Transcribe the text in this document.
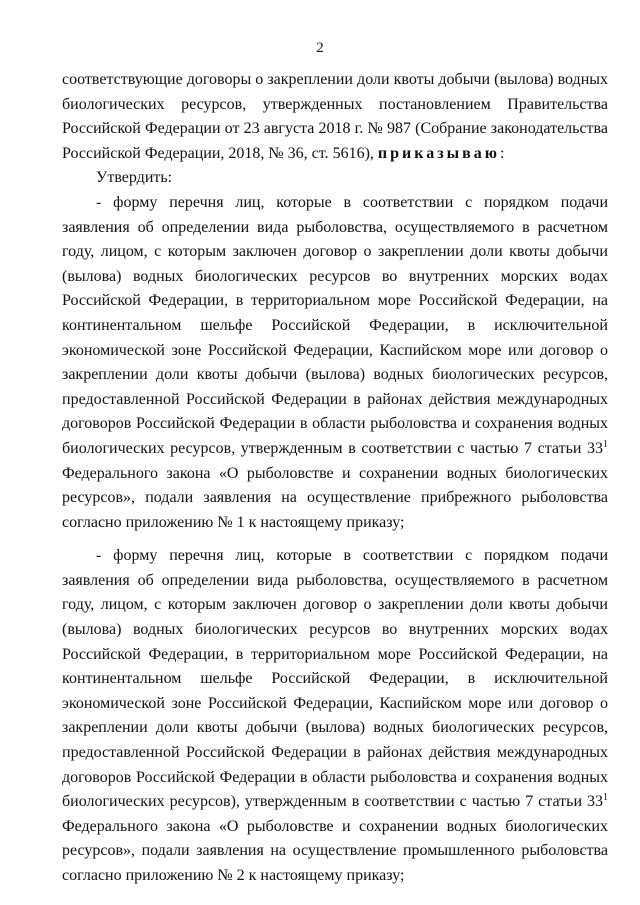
2

соответствующие договоры о закреплении доли квоты добычи (вылова) водных биологических ресурсов, утвержденных постановлением Правительства Российской Федерации от 23 августа 2018 г. № 987 (Собрание законодательства Российской Федерации, 2018, № 36, ст. 5616), приказываю:

Утвердить:

- форму перечня лиц, которые в соответствии с порядком подачи заявления об определении вида рыболовства, осуществляемого в расчетном году, лицом, с которым заключен договор о закреплении доли квоты добычи (вылова) водных биологических ресурсов во внутренних морских водах Российской Федерации, в территориальном море Российской Федерации, на континентальном шельфе Российской Федерации, в исключительной экономической зоне Российской Федерации, Каспийском море или договор о закреплении доли квоты добычи (вылова) водных биологических ресурсов, предоставленной Российской Федерации в районах действия международных договоров Российской Федерации в области рыболовства и сохранения водных биологических ресурсов, утвержденным в соответствии с частью 7 статьи $33^1$ Федерального закона «О рыболовстве и сохранении водных биологических ресурсов», подали заявления на осуществление прибрежного рыболовства согласно приложению № 1 к настоящему приказу;

- форму перечня лиц, которые в соответствии с порядком подачи заявления об определении вида рыболовства, осуществляемого в расчетном году, лицом, с которым заключен договор о закреплении доли квоты добычи (вылова) водных биологических ресурсов во внутренних морских водах Российской Федерации, в территориальном море Российской Федерации, на континентальном шельфе Российской Федерации, в исключительной экономической зоне Российской Федерации, Каспийском море или договор о закреплении доли квоты добычи (вылова) водных биологических ресурсов, предоставленной Российской Федерации в районах действия международных договоров Российской Федерации в области рыболовства и сохранения водных биологических ресурсов), утвержденным в соответствии с частью 7 статьи $33^1$ Федерального закона «О рыболовстве и сохранении водных биологических ресурсов», подали заявления на осуществление промышленного рыболовства согласно приложению № 2 к настоящему приказу;
